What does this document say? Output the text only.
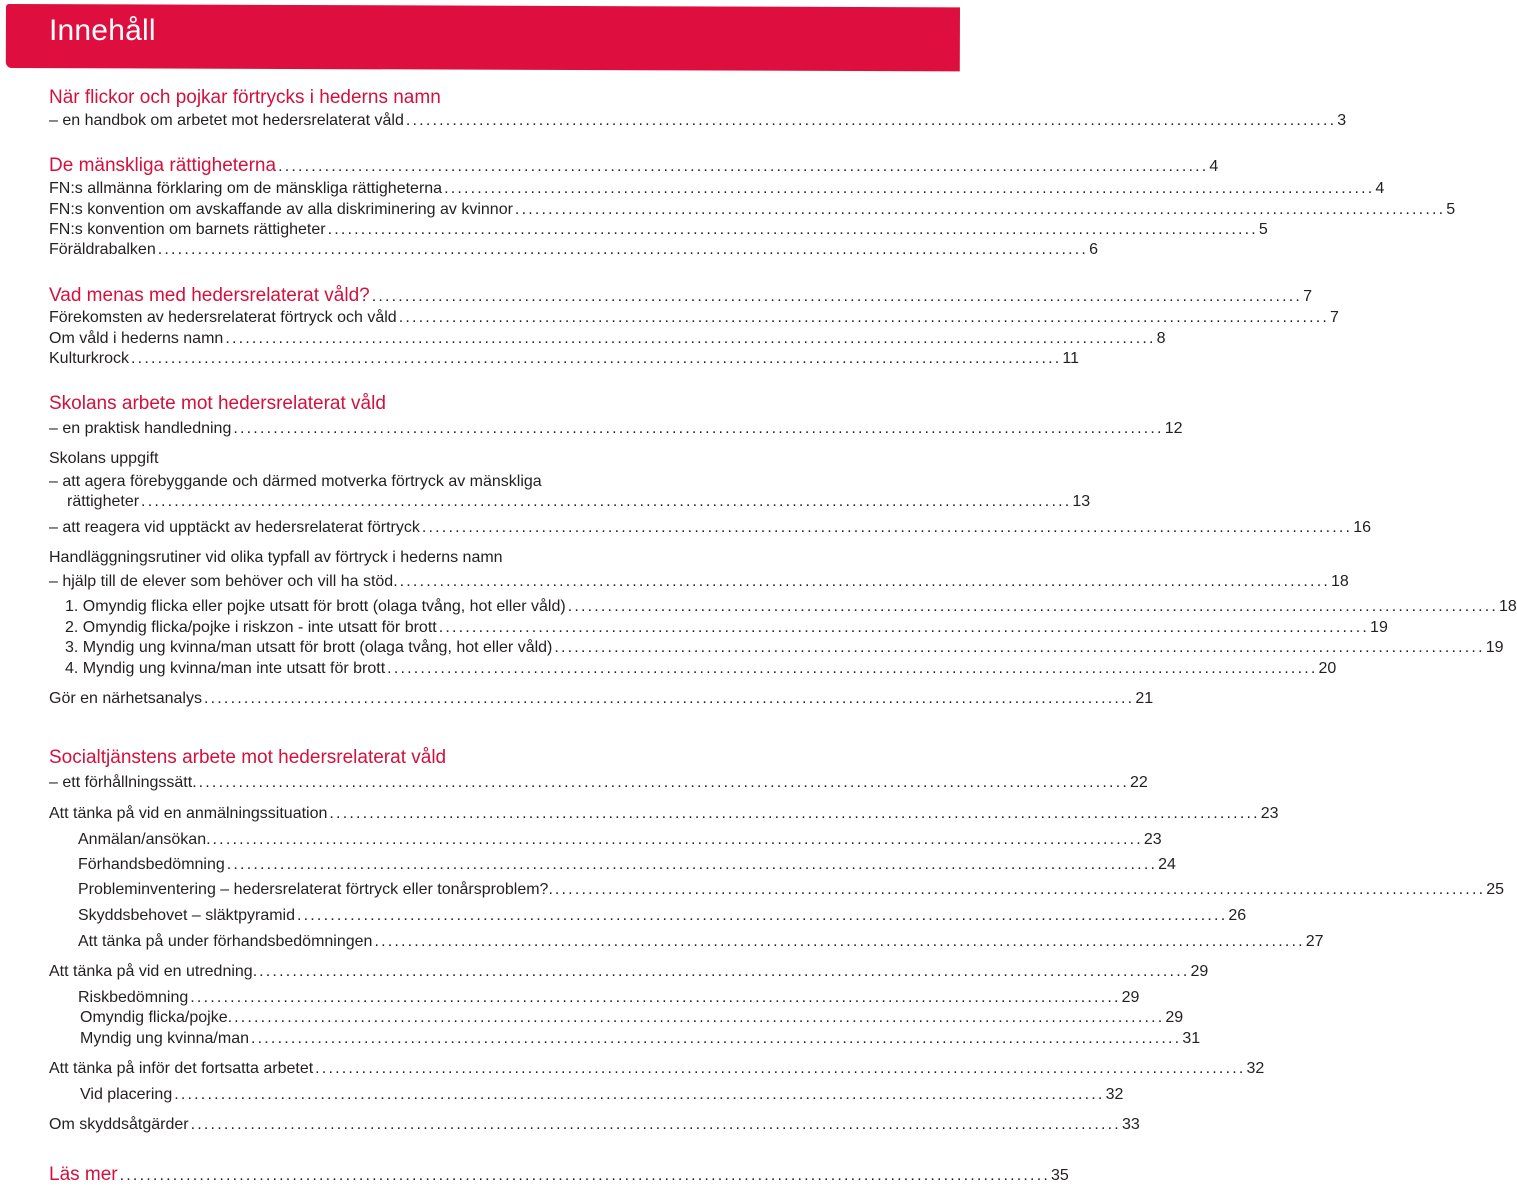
Innehåll
När flickor och pojkar förtrycks i hederns namn
– en handbok om arbetet mot hedersrelaterat våld ............................................................................................................................................ 3
De mänskliga rättigheterna ............................................................................................................................................ 4
FN:s allmänna förklaring om de mänskliga rättigheterna ............................................................................................................................................ 4
FN:s konvention om avskaffande av alla diskriminering av kvinnor ............................................................................................................................................ 5
FN:s konvention om barnets rättigheter ............................................................................................................................................ 5
Föräldrabalken ............................................................................................................................................ 6
Vad menas med hedersrelaterat våld? ............................................................................................................................................ 7
Förekomsten av hedersrelaterat förtryck och våld ............................................................................................................................................ 7
Om våld i hederns namn ............................................................................................................................................ 8
Kulturkrock ............................................................................................................................................ 11
Skolans arbete mot hedersrelaterat våld
– en praktisk handledning ............................................................................................................................................ 12
Skolans uppgift
– att agera förebyggande och därmed motverka förtryck av mänskliga
rättigheter ............................................................................................................................................ 13
– att reagera vid upptäckt av hedersrelaterat förtryck ............................................................................................................................................ 16
Handläggningsrutiner vid olika typfall av förtryck i hederns namn
– hjälp till de elever som behöver och vill ha stöd. ............................................................................................................................................ 18
1. Omyndig flicka eller pojke utsatt för brott (olaga tvång, hot eller våld) ............................................................................................................................................ 18
2. Omyndig flicka/pojke i riskzon - inte utsatt för brott ............................................................................................................................................ 19
3. Myndig ung kvinna/man utsatt för brott (olaga tvång, hot eller våld) ............................................................................................................................................ 19
4. Myndig ung kvinna/man inte utsatt för brott ............................................................................................................................................ 20
Gör en närhetsanalys ............................................................................................................................................ 21
Socialtjänstens arbete mot hedersrelaterat våld
– ett förhållningssätt. ............................................................................................................................................ 22
Att tänka på vid en anmälningssituation ............................................................................................................................................ 23
Anmälan/ansökan. ............................................................................................................................................ 23
Förhandsbedömning ............................................................................................................................................ 24
Probleminventering – hedersrelaterat förtryck eller tonårsproblem?. ............................................................................................................................................ 25
Skyddsbehovet – släktpyramid ............................................................................................................................................ 26
Att tänka på under förhandsbedömningen ............................................................................................................................................ 27
Att tänka på vid en utredning. ............................................................................................................................................ 29
Riskbedömning ............................................................................................................................................ 29
Omyndig flicka/pojke. ............................................................................................................................................ 29
Myndig ung kvinna/man ............................................................................................................................................ 31
Att tänka på inför det fortsatta arbetet ............................................................................................................................................ 32
Vid placering ............................................................................................................................................ 32
Om skyddsåtgärder ............................................................................................................................................ 33
Läs mer ............................................................................................................................................ 35
